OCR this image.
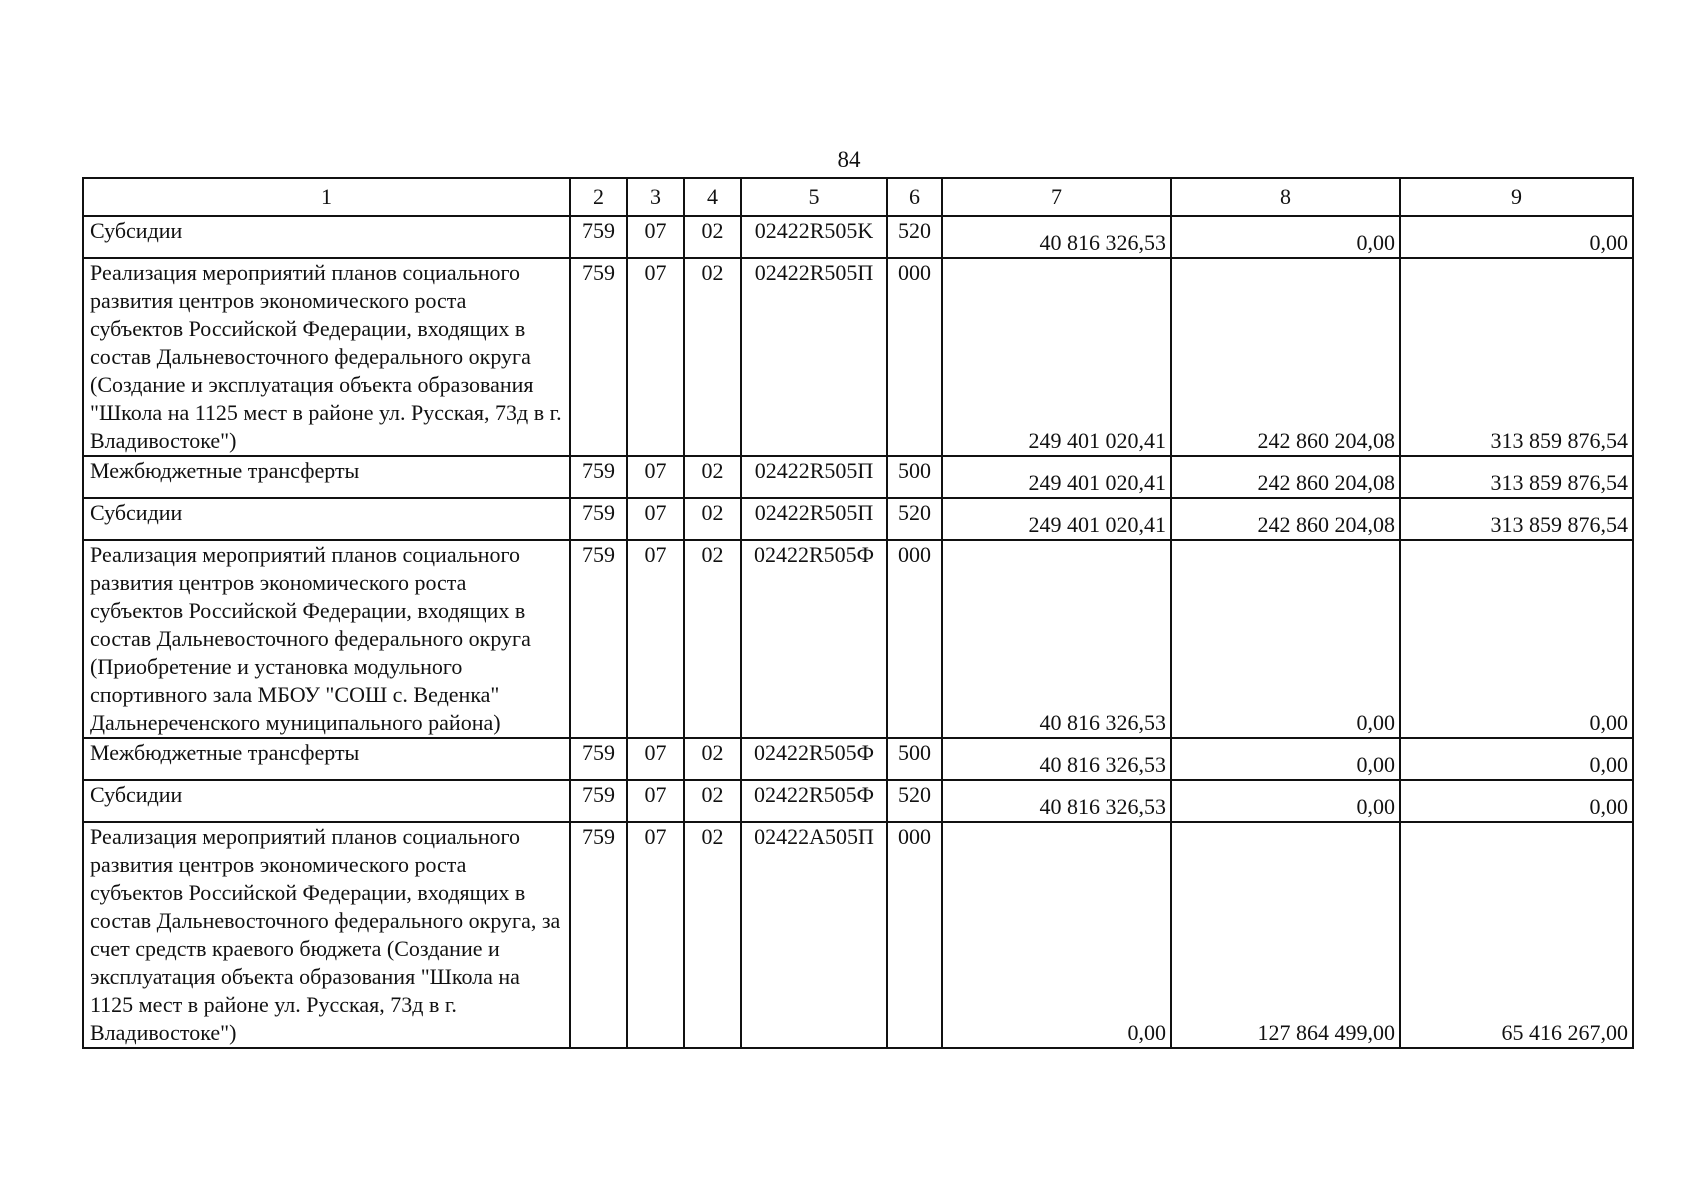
84
1	2	3	4	5	6	7	8	9
Субсидии	759	07	02	02422R505K	520	40 816 326,53	0,00	0,00
Реализация мероприятий планов социального развития центров экономического роста субъектов Российской Федерации, входящих в состав Дальневосточного федерального округа (Создание и эксплуатация объекта образования "Школа на 1125 мест в районе ул. Русская, 73д в г. Владивостоке")	759	07	02	02422R505П	000	249 401 020,41	242 860 204,08	313 859 876,54
Межбюджетные трансферты	759	07	02	02422R505П	500	249 401 020,41	242 860 204,08	313 859 876,54
Субсидии	759	07	02	02422R505П	520	249 401 020,41	242 860 204,08	313 859 876,54
Реализация мероприятий планов социального развития центров экономического роста субъектов Российской Федерации, входящих в состав Дальневосточного федерального округа (Приобретение и установка модульного спортивного зала МБОУ "СОШ с. Веденка" Дальнереченского муниципального района)	759	07	02	02422R505Ф	000	40 816 326,53	0,00	0,00
Межбюджетные трансферты	759	07	02	02422R505Ф	500	40 816 326,53	0,00	0,00
Субсидии	759	07	02	02422R505Ф	520	40 816 326,53	0,00	0,00
Реализация мероприятий планов социального развития центров экономического роста субъектов Российской Федерации, входящих в состав Дальневосточного федерального округа, за счет средств краевого бюджета (Создание и эксплуатация объекта образования "Школа на 1125 мест в районе ул. Русская, 73д в г. Владивостоке")	759	07	02	02422A505П	000	0,00	127 864 499,00	65 416 267,00
